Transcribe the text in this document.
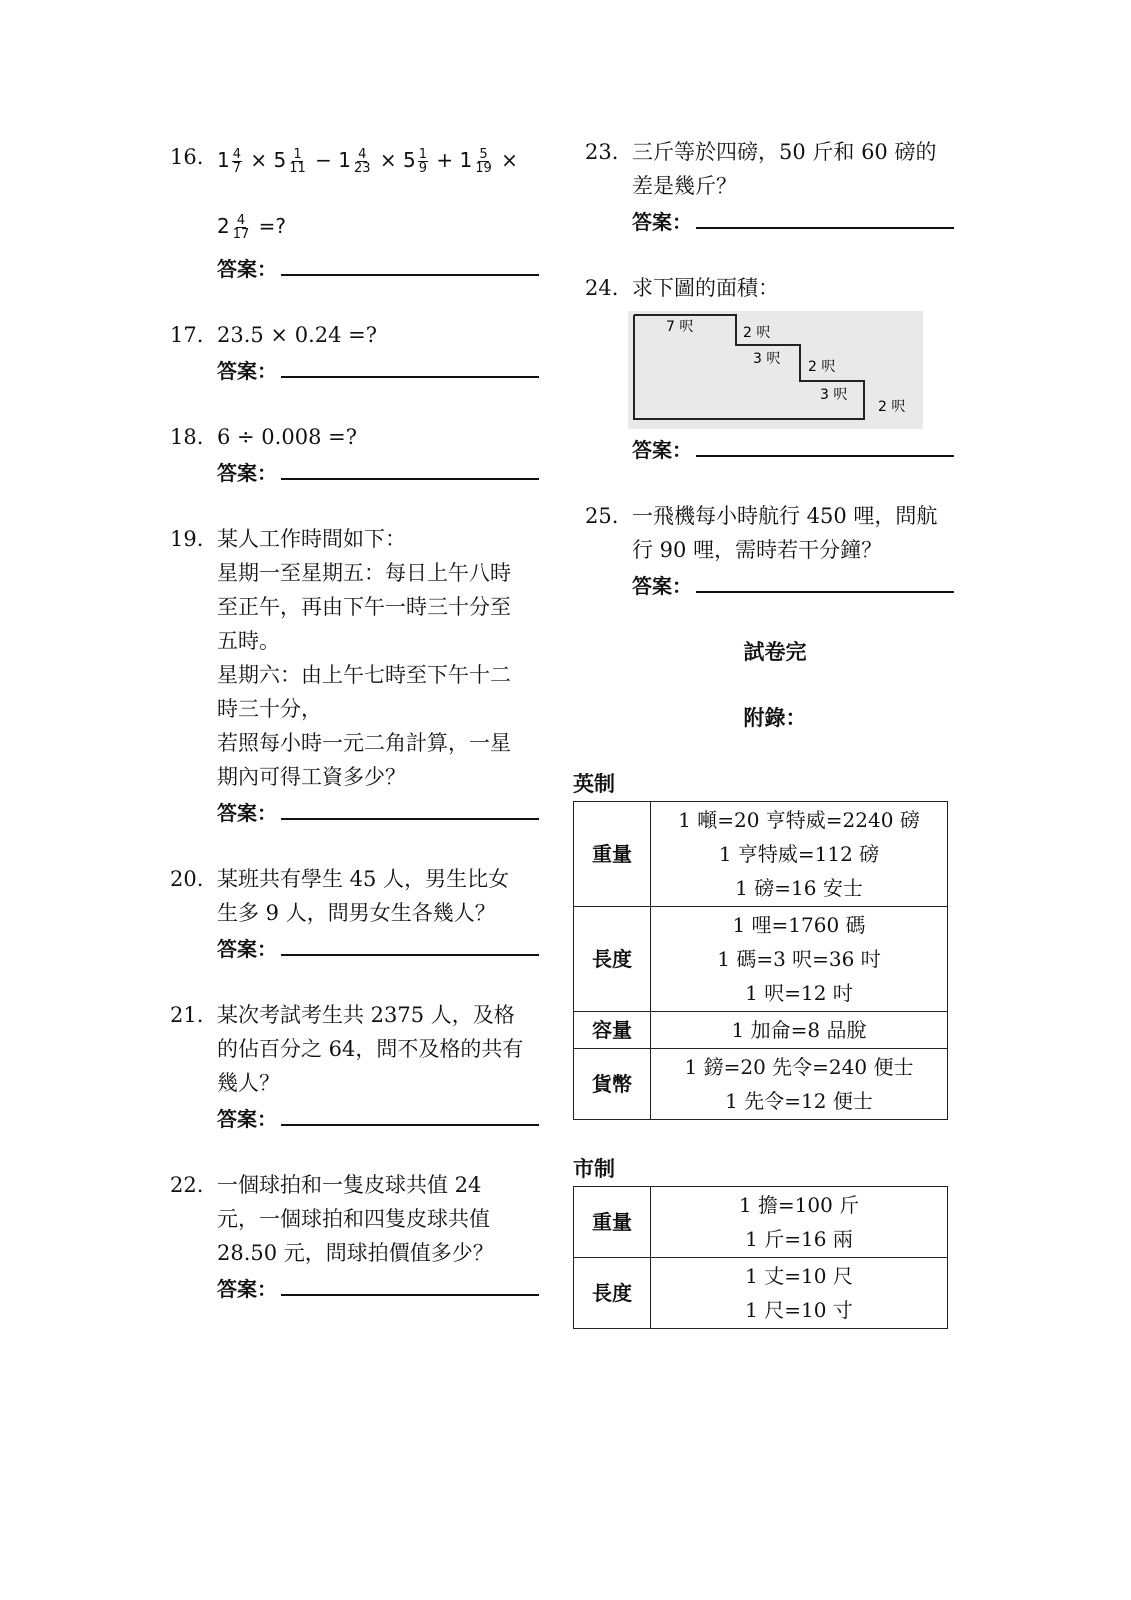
16. $1 \frac{4}{7} \times 5 \frac{1}{11} - 1 \frac{4}{23} \times 5 \frac{1}{9} + 1 \frac{5}{19}$ ×
$2 \frac{4}{17}$ =?
答案：
17. 23.5 × 0.24 =?
答案：
18. 6 ÷ 0.008 =?
答案：
19. 某人工作時間如下：
星期一至星期五：每日上午八時
至正午，再由下午一時三十分至
五時。
星期六：由上午七時至下午十二
時三十分，
若照每小時一元二角計算，一星
期內可得工資多少？
答案：
20. 某班共有學生 45 人，男生比女
生多 9 人，問男女生各幾人？
答案：
21. 某次考試考生共 2375 人，及格
的佔百分之 64，問不及格的共有
幾人？
答案：
22. 一個球拍和一隻皮球共值 24
元，一個球拍和四隻皮球共值
28.50 元，問球拍價值多少？
答案：
23. 三斤等於四磅，50 斤和 60 磅的
差是幾斤？
答案：
24. 求下圖的面積：
7 呎	2 呎
3 呎 2 呎
3 呎
2 呎
答案：
25. 一飛機每小時航行 450 哩，問航
行 90 哩，需時若干分鐘？
答案：
試卷完
附錄：
英制
重量	1 噸=20 亨特威=2240 磅
1 亨特威=112 磅
1 磅=16 安士

長度	1 哩=1760 碼
1 碼=3 呎=36 吋
1 呎=12 吋

容量	1 加侖=8 品脫

貨幣	1 鎊=20 先令=240 便士
1 先令=12 便士
市制
重量	1 擔=100 斤
1 斤=16 兩

長度	1 丈=10 尺
1 尺=10 寸
